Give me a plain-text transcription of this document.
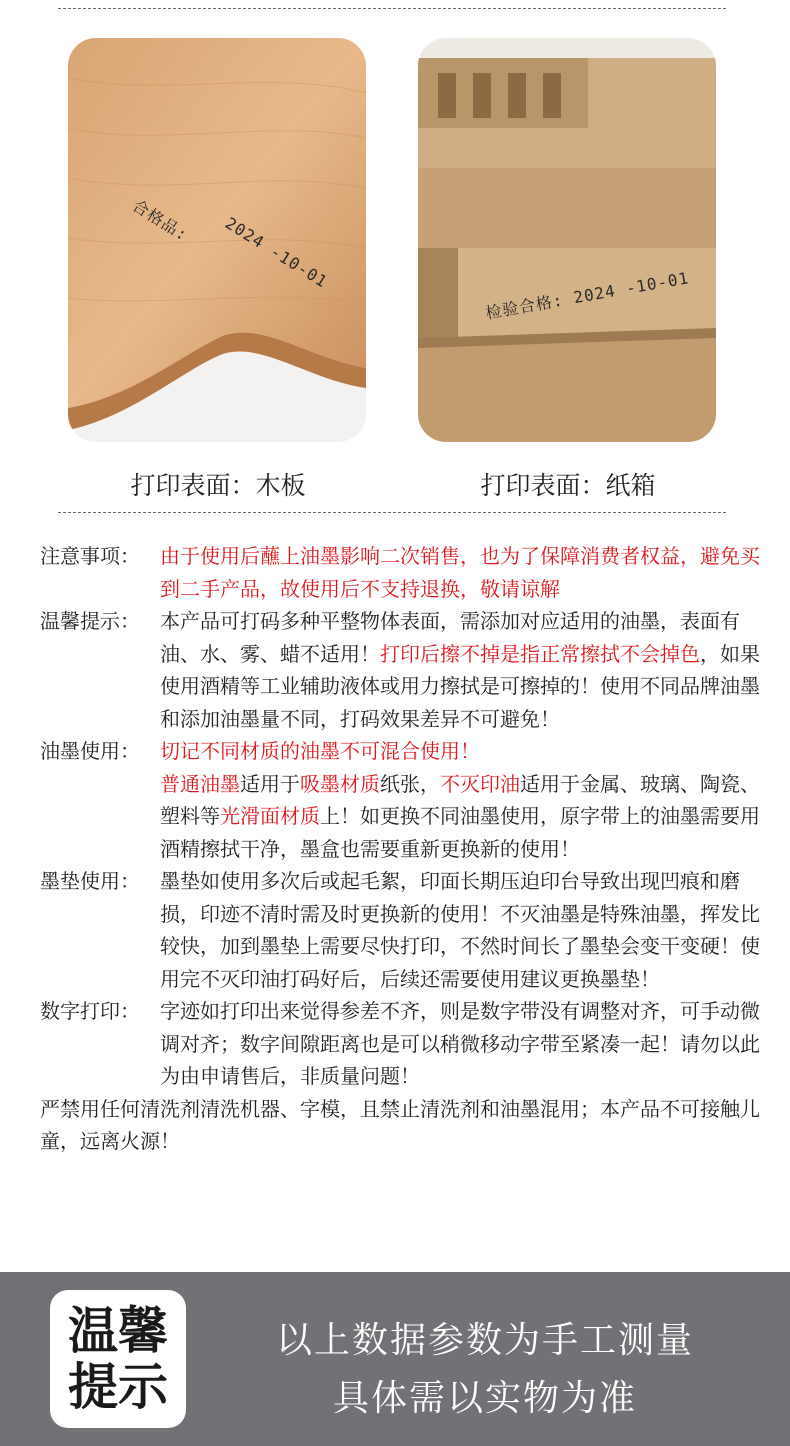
合格品: 2024 -10-01
检验合格: 2024 -10-01
打印表面：木板	打印表面：纸箱
注意事项：	由于使用后蘸上油墨影响二次销售，也为了保障消费者权益，避免买到二手产品，故使用后不支持退换，敬请谅解
温馨提示：	本产品可打码多种平整物体表面，需添加对应适用的油墨，表面有油、水、雾、蜡不适用！打印后擦不掉是指正常擦拭不会掉色，如果使用酒精等工业辅助液体或用力擦拭是可擦掉的！使用不同品牌油墨和添加油墨量不同，打码效果差异不可避免！
油墨使用：	切记不同材质的油墨不可混合使用！
普通油墨适用于吸墨材质纸张，不灭印油适用于金属、玻璃、陶瓷、塑料等光滑面材质上！如更换不同油墨使用，原字带上的油墨需要用酒精擦拭干净，墨盒也需要重新更换新的使用！
墨垫使用：	墨垫如使用多次后或起毛絮，印面长期压迫印台导致出现凹痕和磨损，印迹不清时需及时更换新的使用！不灭油墨是特殊油墨，挥发比较快，加到墨垫上需要尽快打印，不然时间长了墨垫会变干变硬！使用完不灭印油打码好后，后续还需要使用建议更换墨垫！
数字打印：	字迹如打印出来觉得参差不齐，则是数字带没有调整对齐，可手动微调对齐；数字间隙距离也是可以稍微移动字带至紧凑一起！请勿以此为由申请售后，非质量问题！
严禁用任何清洗剂清洗机器、字模，且禁止清洗剂和油墨混用；本产品不可接触儿童，远离火源！
温馨
提示
以上数据参数为手工测量
具体需以实物为准
